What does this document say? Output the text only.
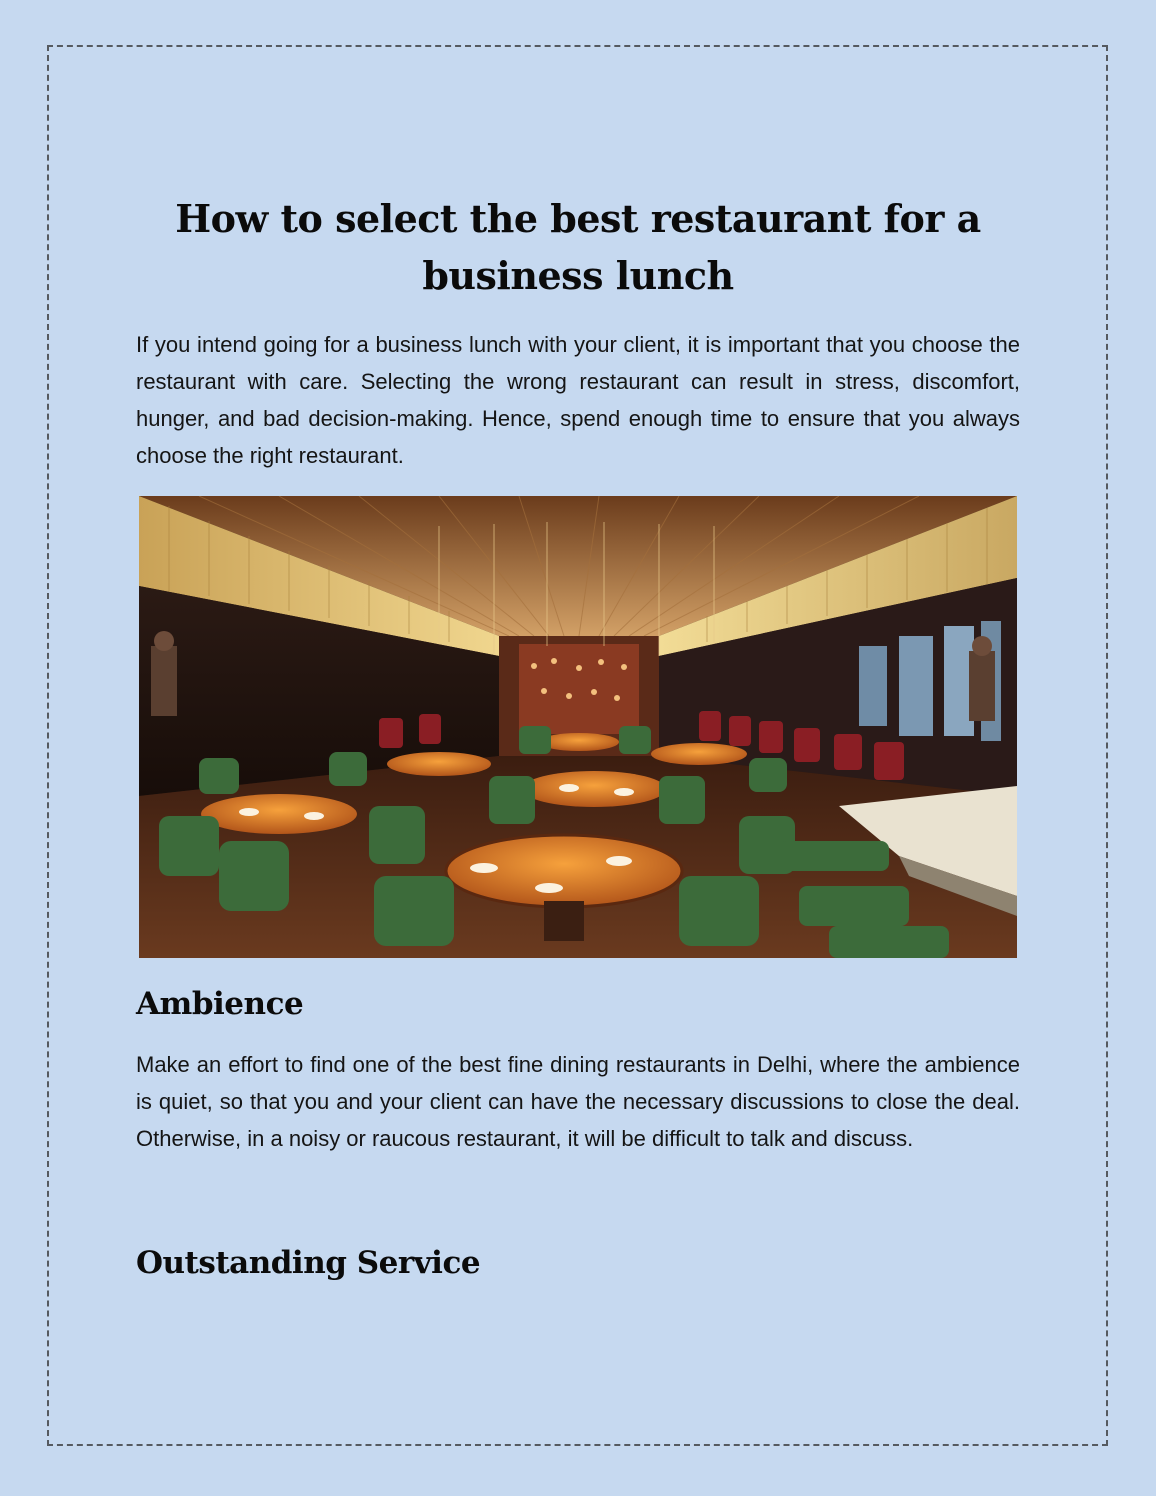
How to select the best restaurant for a business lunch

If you intend going for a business lunch with your client, it is important that you choose the restaurant with care. Selecting the wrong restaurant can result in stress, discomfort, hunger, and bad decision-making. Hence, spend enough time to ensure that you always choose the right restaurant.

Ambience

Make an effort to find one of the best fine dining restaurants in Delhi, where the ambience is quiet, so that you and your client can have the necessary discussions to close the deal. Otherwise, in a noisy or raucous restaurant, it will be difficult to talk and discuss.

Outstanding Service
